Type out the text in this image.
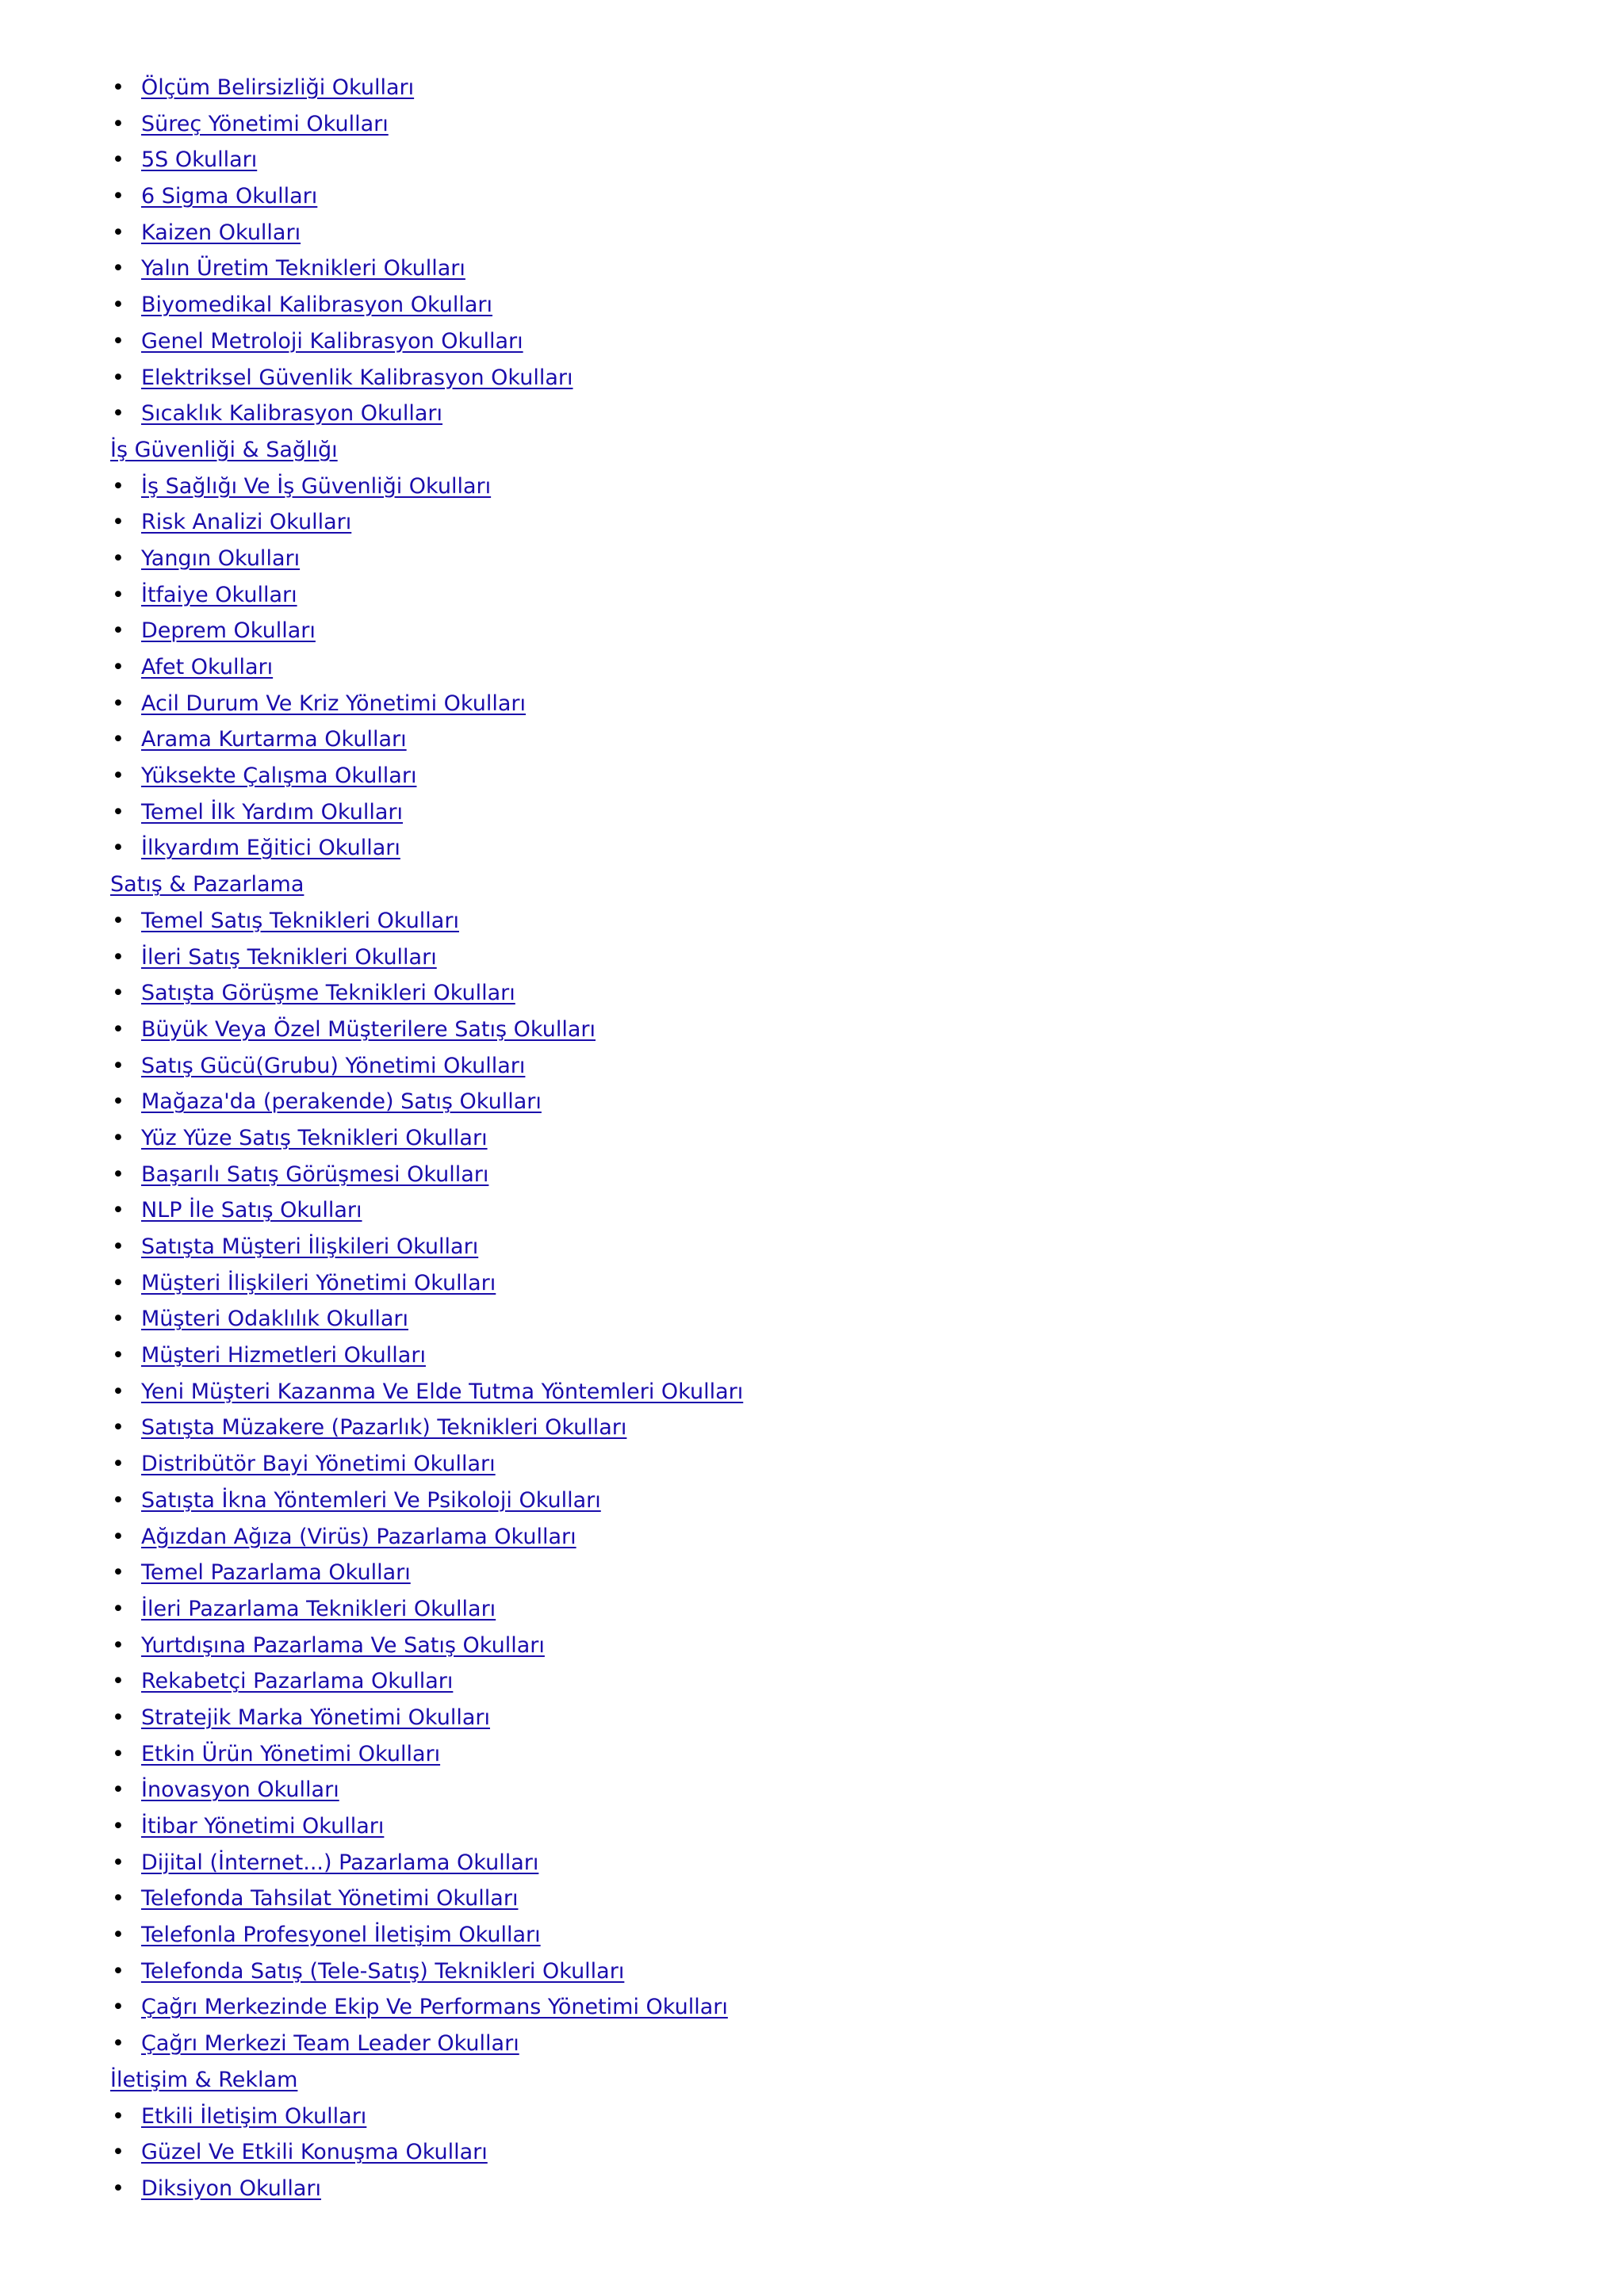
• Ölçüm Belirsizliği Okulları
• Süreç Yönetimi Okulları
• 5S Okulları
• 6 Sigma Okulları
• Kaizen Okulları
• Yalın Üretim Teknikleri Okulları
• Biyomedikal Kalibrasyon Okulları
• Genel Metroloji Kalibrasyon Okulları
• Elektriksel Güvenlik Kalibrasyon Okulları
• Sıcaklık Kalibrasyon Okulları
İş Güvenliği & Sağlığı
• İş Sağlığı Ve İş Güvenliği Okulları
• Risk Analizi Okulları
• Yangın Okulları
• İtfaiye Okulları
• Deprem Okulları
• Afet Okulları
• Acil Durum Ve Kriz Yönetimi Okulları
• Arama Kurtarma Okulları
• Yüksekte Çalışma Okulları
• Temel İlk Yardım Okulları
• İlkyardım Eğitici Okulları
Satış & Pazarlama
• Temel Satış Teknikleri Okulları
• İleri Satış Teknikleri Okulları
• Satışta Görüşme Teknikleri Okulları
• Büyük Veya Özel Müşterilere Satış Okulları
• Satış Gücü(Grubu) Yönetimi Okulları
• Mağaza'da (perakende) Satış Okulları
• Yüz Yüze Satış Teknikleri Okulları
• Başarılı Satış Görüşmesi Okulları
• NLP İle Satış Okulları
• Satışta Müşteri İlişkileri Okulları
• Müşteri İlişkileri Yönetimi Okulları
• Müşteri Odaklılık Okulları
• Müşteri Hizmetleri Okulları
• Yeni Müşteri Kazanma Ve Elde Tutma Yöntemleri Okulları
• Satışta Müzakere (Pazarlık) Teknikleri Okulları
• Distribütör Bayi Yönetimi Okulları
• Satışta İkna Yöntemleri Ve Psikoloji Okulları
• Ağızdan Ağıza (Virüs) Pazarlama Okulları
• Temel Pazarlama Okulları
• İleri Pazarlama Teknikleri Okulları
• Yurtdışına Pazarlama Ve Satış Okulları
• Rekabetçi Pazarlama Okulları
• Stratejik Marka Yönetimi Okulları
• Etkin Ürün Yönetimi Okulları
• İnovasyon Okulları
• İtibar Yönetimi Okulları
• Dijital (İnternet...) Pazarlama Okulları
• Telefonda Tahsilat Yönetimi Okulları
• Telefonla Profesyonel İletişim Okulları
• Telefonda Satış (Tele-Satış) Teknikleri Okulları
• Çağrı Merkezinde Ekip Ve Performans Yönetimi Okulları
• Çağrı Merkezi Team Leader Okulları
İletişim & Reklam
• Etkili İletişim Okulları
• Güzel Ve Etkili Konuşma Okulları
• Diksiyon Okulları
